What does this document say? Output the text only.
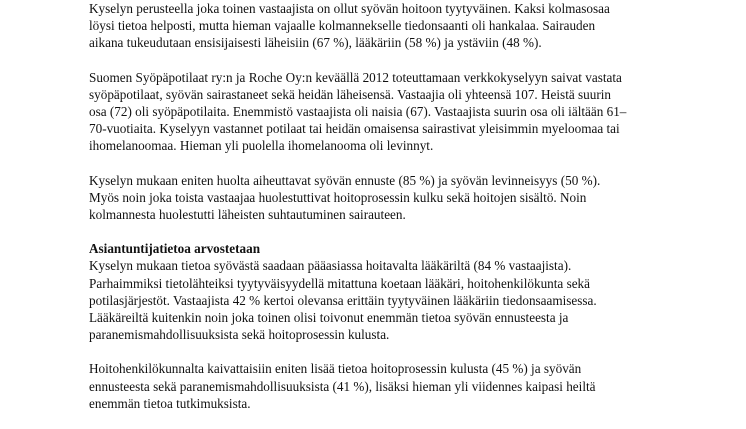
Kyselyn perusteella joka toinen vastaajista on ollut syövän hoitoon tyytyväinen. Kaksi kolmasosaa

löysi tietoa helposti, mutta hieman vajaalle kolmannekselle tiedonsaanti oli hankalaa. Sairauden

aikana tukeudutaan ensisijaisesti läheisiin (67 %), lääkäriin (58 %) ja ystäviin (48 %).

Suomen Syöpäpotilaat ry:n ja Roche Oy:n keväällä 2012 toteuttamaan verkkokyselyyn saivat vastata

syöpäpotilaat, syövän sairastaneet sekä heidän läheisensä. Vastaajia oli yhteensä 107. Heistä suurin

osa (72) oli syöpäpotilaita. Enemmistö vastaajista oli naisia (67). Vastaajista suurin osa oli iältään 61–

70-vuotiaita. Kyselyyn vastannet potilaat tai heidän omaisensa sairastivat yleisimmin myeloomaa tai

ihomelanoomaa. Hieman yli puolella ihomelanooma oli levinnyt.

Kyselyn mukaan eniten huolta aiheuttavat syövän ennuste (85 %) ja syövän levinneisyys (50 %).

Myös noin joka toista vastaajaa huolestuttivat hoitoprosessin kulku sekä hoitojen sisältö. Noin

kolmannesta huolestutti läheisten suhtautuminen sairauteen.

Asiantuntijatietoa arvostetaan

Kyselyn mukaan tietoa syövästä saadaan pääasiassa hoitavalta lääkäriltä (84 % vastaajista).

Parhaimmiksi tietolähteiksi tyytyväisyydellä mitattuna koetaan lääkäri, hoitohenkilökunta sekä

potilasjärjestöt. Vastaajista 42 % kertoi olevansa erittäin tyytyväinen lääkäriin tiedonsaamisessa.

Lääkäreiltä kuitenkin noin joka toinen olisi toivonut enemmän tietoa syövän ennusteesta ja

paranemismahdollisuuksista sekä hoitoprosessin kulusta.

Hoitohenkilökunnalta kaivattaisiin eniten lisää tietoa hoitoprosessin kulusta (45 %) ja syövän

ennusteesta sekä paranemismahdollisuuksista (41 %), lisäksi hieman yli viidennes kaipasi heiltä

enemmän tietoa tutkimuksista.
